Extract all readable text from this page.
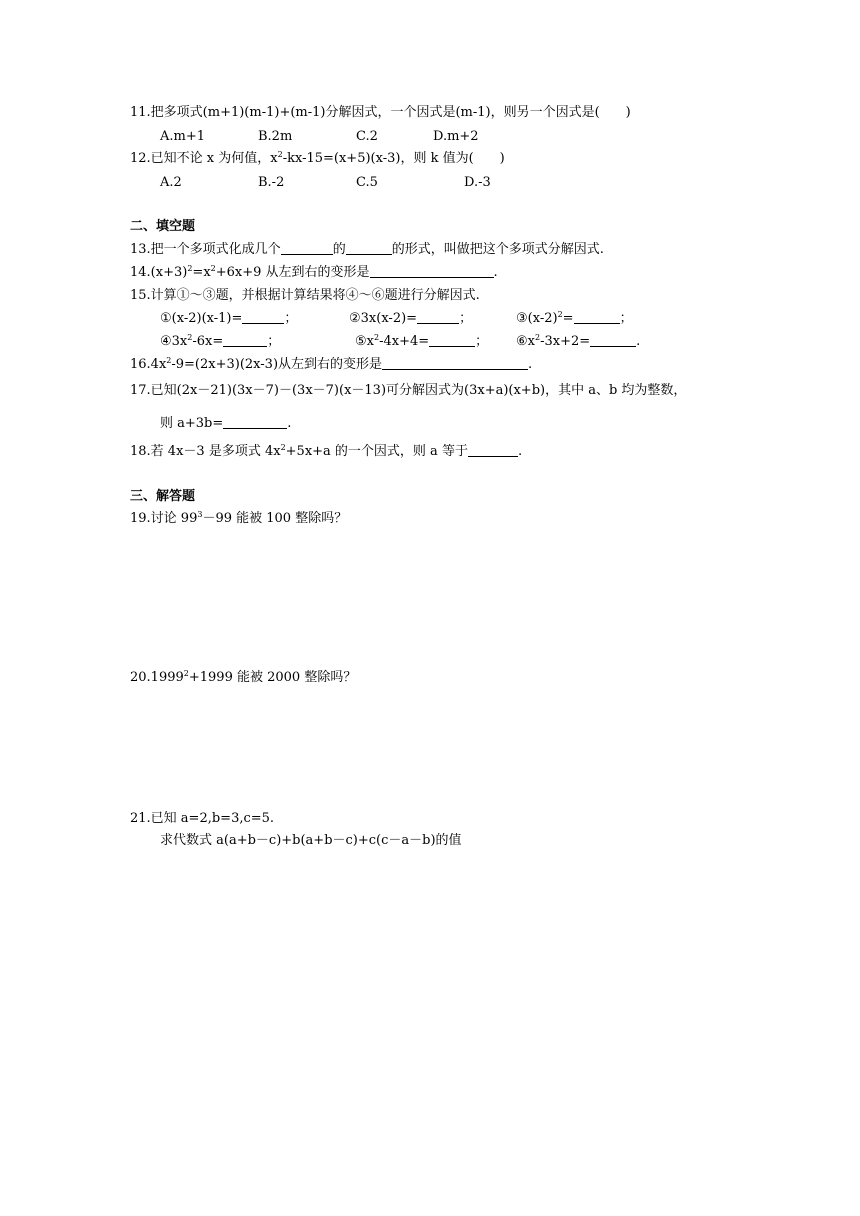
11.把多项式(m+1)(m-1)+(m-1)分解因式，一个因式是(m-1)，则另一个因式是(　　)
A.m+1	B.2m	C.2	D.m+2
12.已知不论 x 为何值，$x^2-kx-15=(x+5)(x-3)$，则 k 值为(　　)
A.2	B.-2	C.5	D.-3
二、填空题
13.把一个多项式化成几个	的	的形式，叫做把这个多项式分解因式.
$14.(x+3)^2=x^2+6x+9$ 从左到右的变形是	.
15.计算①～③题，并根据计算结果将④～⑥题进行分解因式.
①(x-2)(x-1)=	；	②3x(x-2)=	；	$③(x-2)^2=$	；
$④3x^2-6x=$	；	$⑤x^2-4x+4=$	； $⑥x^2-3x+2=$	.
$16.4x^2-9=(2x+3)(2x-3)$从左到右的变形是	.
17.已知(2x－21)(3x－7)－(3x－7)(x－13)可分解因式为(3x+a)(x+b)，其中 a、b 均为整数，
则 a+3b=	.
18.若 4x－3 是多项式 $4x^2+5x+a$ 的一个因式，则 a 等于	.
三、解答题
19.讨论 $99^3-99$ 能被 100 整除吗？
$20.1999^2+1999$ 能被 2000 整除吗？
21.已知 a=2,b=3,c=5.
求代数式 a(a+b－c)+b(a+b－c)+c(c－a－b)的值
